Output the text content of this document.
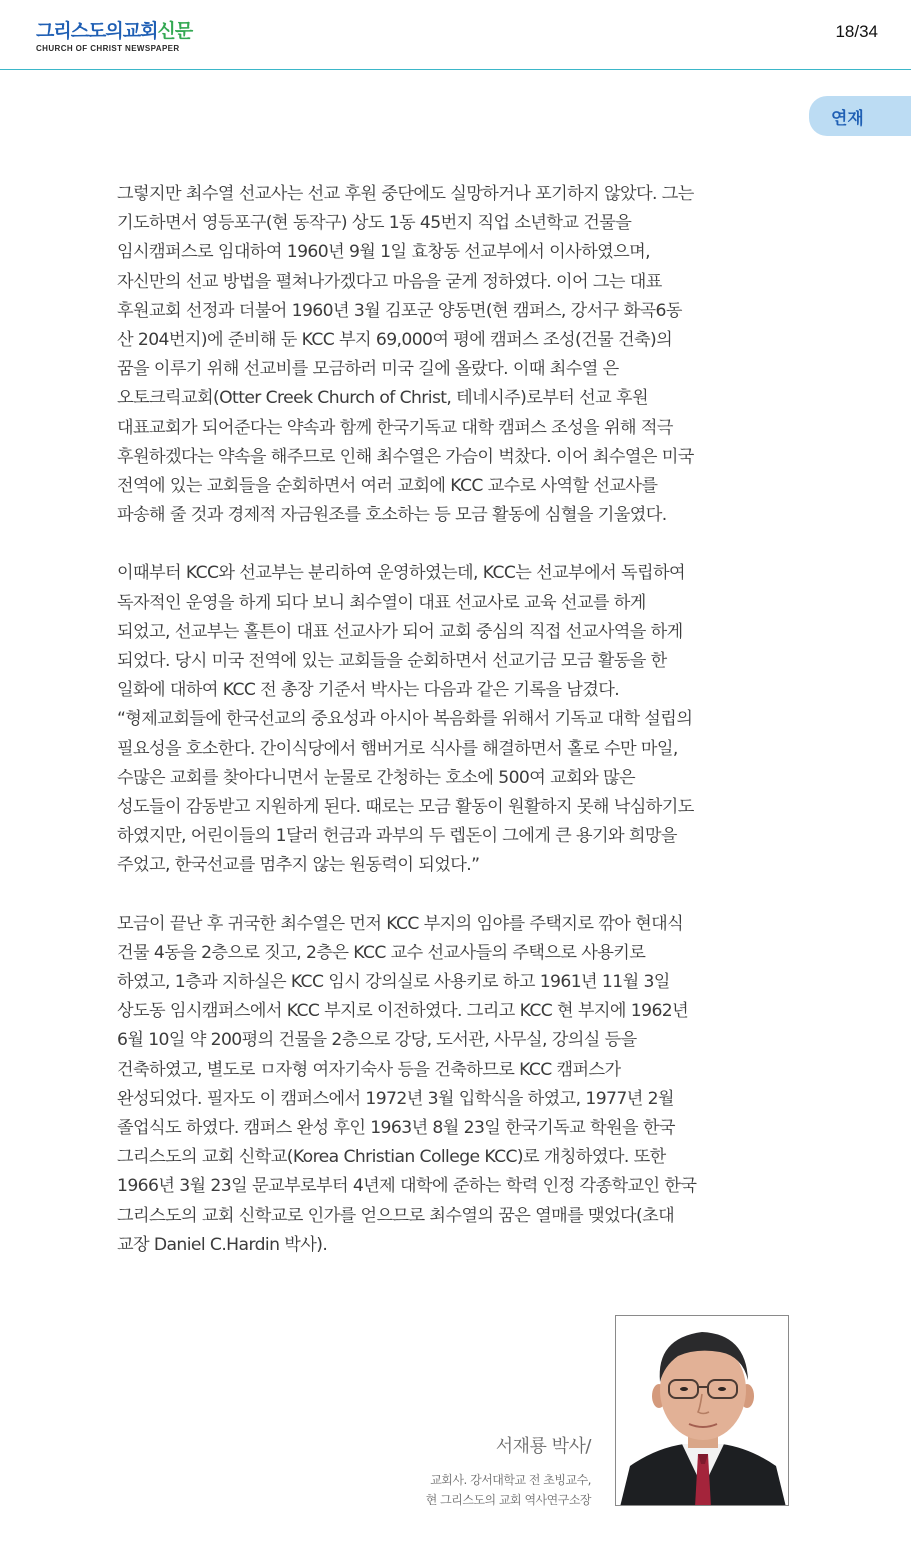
그리스도의교회신문
CHURCH OF CHRIST NEWSPAPER
18/34
연재
그렇지만 최수열 선교사는 선교 후원 중단에도 실망하거나 포기하지 않았다. 그는
기도하면서 영등포구(현 동작구) 상도 1동 45번지 직업 소년학교 건물을
임시캠퍼스로 임대하여 1960년 9월 1일 효창동 선교부에서 이사하였으며,
자신만의 선교 방법을 펼쳐나가겠다고 마음을 굳게 정하였다. 이어 그는 대표
후원교회 선정과 더불어 1960년 3월 김포군 양동면(현 캠퍼스, 강서구 화곡6동
산 204번지)에 준비해 둔 KCC 부지 69,000여 평에 캠퍼스 조성(건물 건축)의
꿈을 이루기 위해 선교비를 모금하러 미국 길에 올랐다. 이때 최수열 은
오토크릭교회(Otter Creek Church of Christ, 테네시주)로부터 선교 후원
대표교회가 되어준다는 약속과 함께 한국기독교 대학 캠퍼스 조성을 위해 적극
후원하겠다는 약속을 해주므로 인해 최수열은 가슴이 벅찼다. 이어 최수열은 미국
전역에 있는 교회들을 순회하면서 여러 교회에 KCC 교수로 사역할 선교사를
파송해 줄 것과 경제적 자금원조를 호소하는 등 모금 활동에 심혈을 기울였다.
이때부터 KCC와 선교부는 분리하여 운영하였는데, KCC는 선교부에서 독립하여
독자적인 운영을 하게 되다 보니 최수열이 대표 선교사로 교육 선교를 하게
되었고, 선교부는 홀튼이 대표 선교사가 되어 교회 중심의 직접 선교사역을 하게
되었다. 당시 미국 전역에 있는 교회들을 순회하면서 선교기금 모금 활동을 한
일화에 대하여 KCC 전 총장 기준서 박사는 다음과 같은 기록을 남겼다.
“형제교회들에 한국선교의 중요성과 아시아 복음화를 위해서 기독교 대학 설립의
필요성을 호소한다. 간이식당에서 햄버거로 식사를 해결하면서 홀로 수만 마일,
수많은 교회를 찾아다니면서 눈물로 간청하는 호소에 500여 교회와 많은
성도들이 감동받고 지원하게 된다. 때로는 모금 활동이 원활하지 못해 낙심하기도
하였지만, 어린이들의 1달러 헌금과 과부의 두 렙돈이 그에게 큰 용기와 희망을
주었고, 한국선교를 멈추지 않는 원동력이 되었다.”
모금이 끝난 후 귀국한 최수열은 먼저 KCC 부지의 임야를 주택지로 깎아 현대식
건물 4동을 2층으로 짓고, 2층은 KCC 교수 선교사들의 주택으로 사용키로
하였고, 1층과 지하실은 KCC 임시 강의실로 사용키로 하고 1961년 11월 3일
상도동 임시캠퍼스에서 KCC 부지로 이전하였다. 그리고 KCC 현 부지에 1962년
6월 10일 약 200평의 건물을 2층으로 강당, 도서관, 사무실, 강의실 등을
건축하였고, 별도로 ㅁ자형 여자기숙사 등을 건축하므로 KCC 캠퍼스가
완성되었다. 필자도 이 캠퍼스에서 1972년 3월 입학식을 하였고, 1977년 2월
졸업식도 하였다. 캠퍼스 완성 후인 1963년 8월 23일 한국기독교 학원을 한국
그리스도의 교회 신학교(Korea Christian College KCC)로 개칭하였다. 또한
1966년 3월 23일 문교부로부터 4년제 대학에 준하는 학력 인정 각종학교인 한국
그리스도의 교회 신학교로 인가를 얻으므로 최수열의 꿈은 열매를 맺었다(초대
교장 Daniel C.Hardin 박사).
서재룡 박사/
교회사. 강서대학교 전 초빙교수,
현 그리스도의 교회 역사연구소장
